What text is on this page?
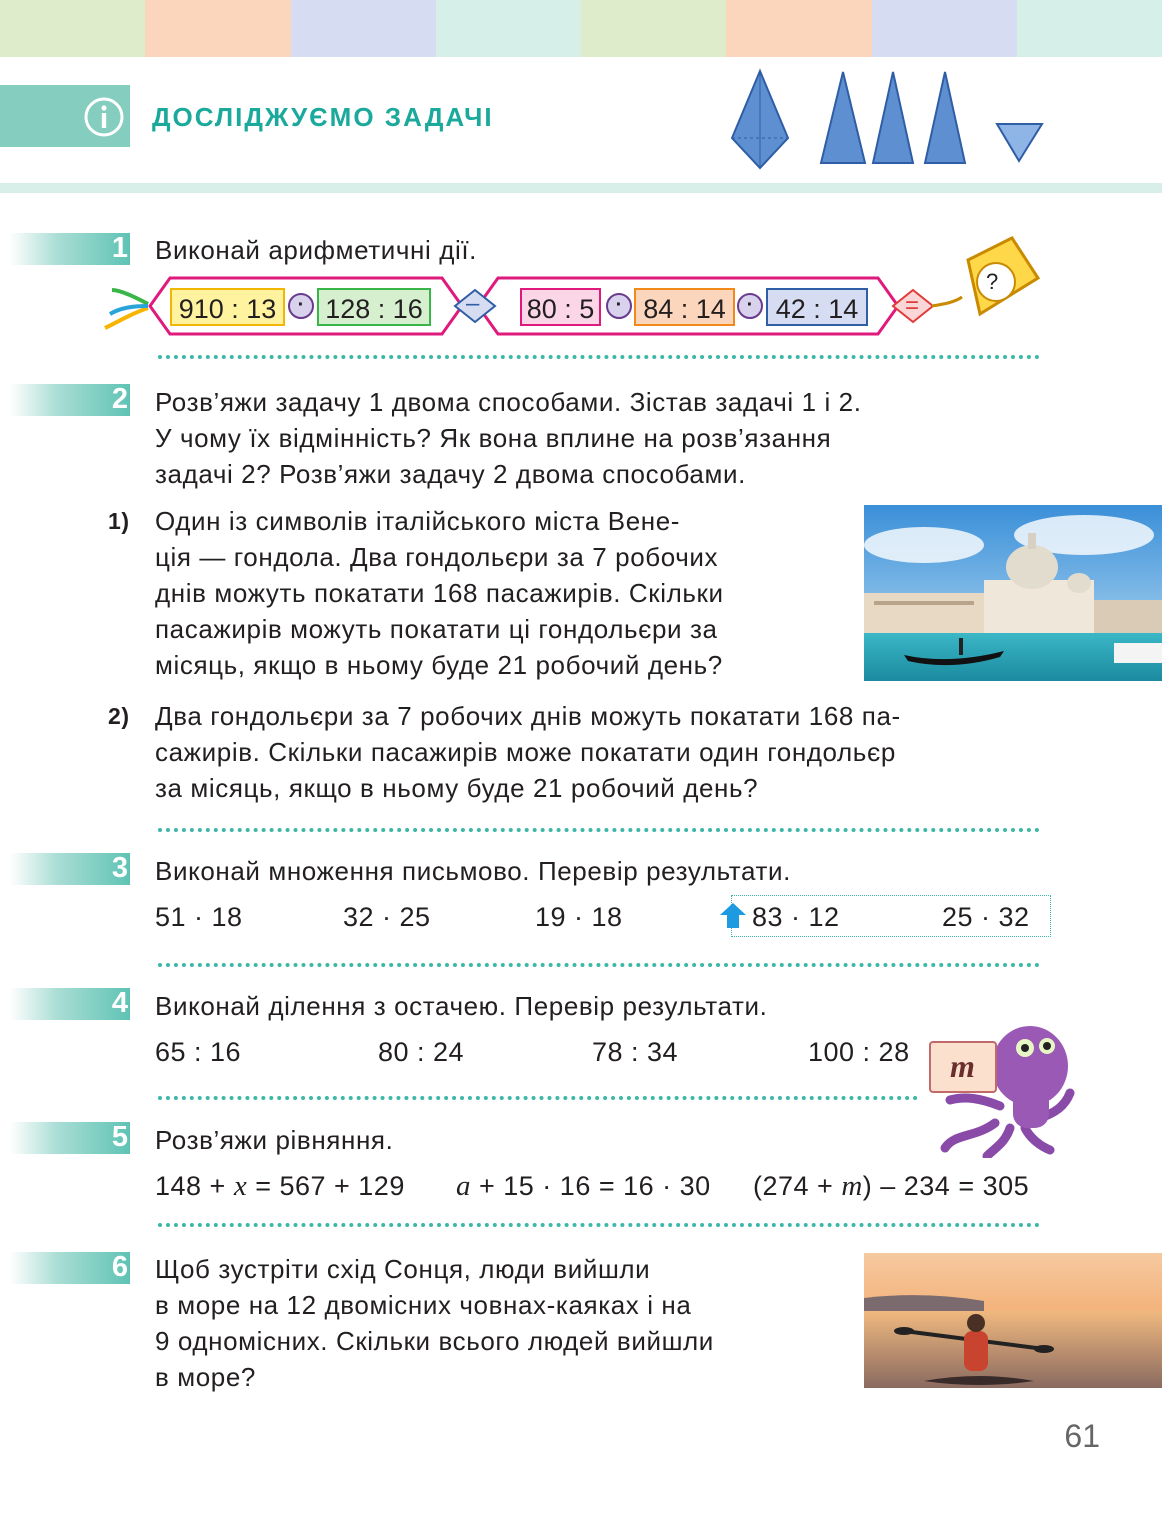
ДОСЛІДЖУЄМО ЗАДАЧІ
1 Виконай арифметичні дії.
?
910 : 13	· 128 : 16	– 80 : 5	· 84 : 14	· 42 : 14	=
2 Розв’яжи задачу 1 двома способами. Зістав задачі 1 і 2.
У чому їх відмінність? Як вона вплине на розв’язання
задачі 2? Розв’яжи задачу 2 двома способами.
1) Один із символів італійського міста Вене-
ція — гондола. Два гондольєри за 7 робочих
днів можуть покатати 168 пасажирів. Скільки
пасажирів можуть покатати ці гондольєри за
місяць, якщо в ньому буде 21 робочий день?
2) Два гондольєри за 7 робочих днів можуть покатати 168 па-
сажирів. Скільки пасажирів може покатати один гондольєр
за місяць, якщо в ньому буде 21 робочий день?
3 Виконай множення письмово. Перевір результати.
51 · 18	32 · 25	19 · 18	83 · 12	25 · 32
4 Виконай ділення з остачею. Перевір результати.
65 : 16	80 : 24	78 : 34	100 : 28 m
5 Розв’яжи рівняння.
148 + x = 567 + 129 a + 15 · 16 = 16 · 30 (274 + m) – 234 = 305
6 Щоб зустріти схід Сонця, люди вийшли
в море на 12 двомісних човнах-каяках і на
9 одномісних. Скільки всього людей вийшли
в море?
61
